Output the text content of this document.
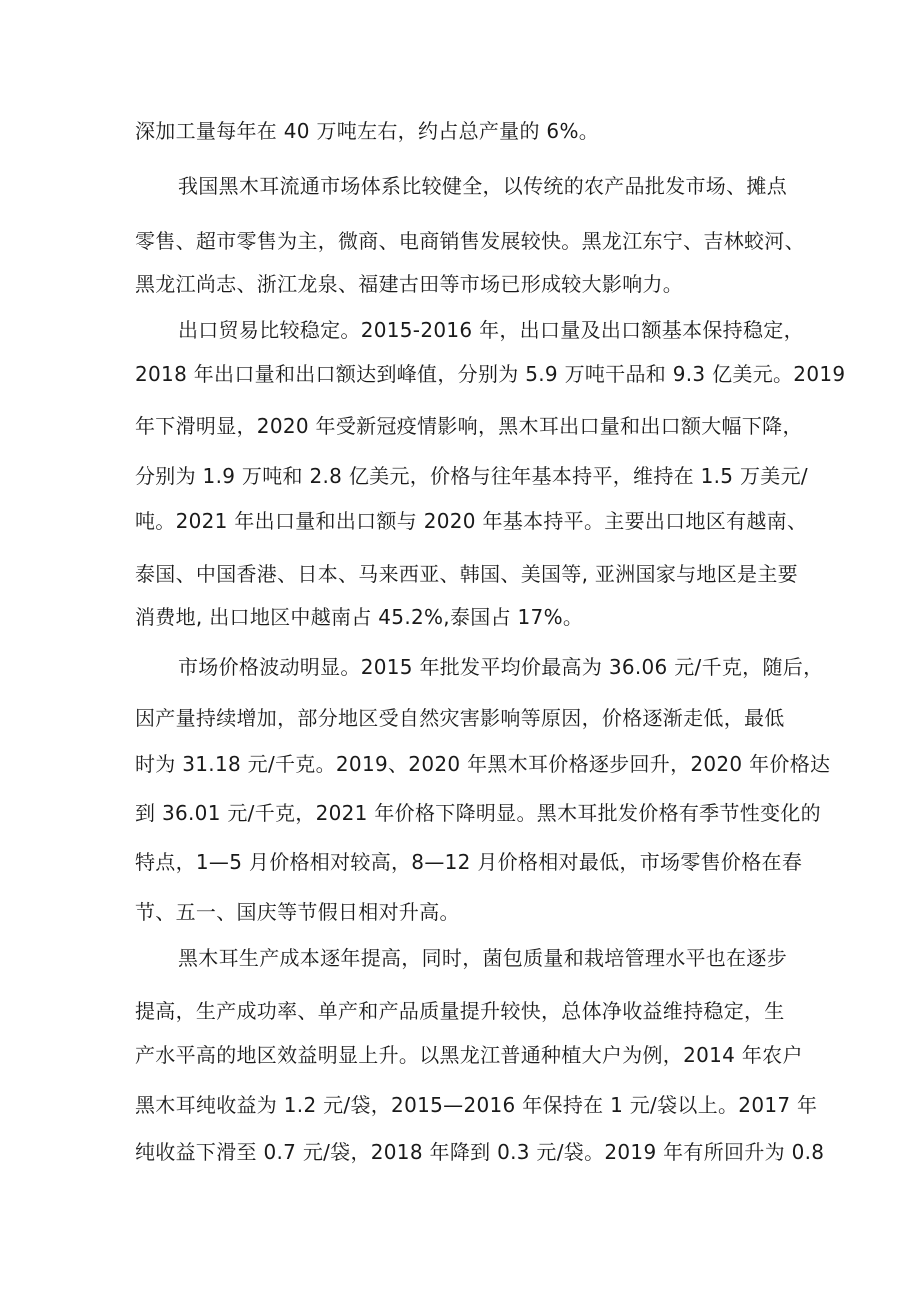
深加工量每年在 40 万吨左右，约占总产量的 6%。
我国黑木耳流通市场体系比较健全，以传统的农产品批发市场、摊点
零售、超市零售为主，微商、电商销售发展较快。黑龙江东宁、吉林蛟河、
黑龙江尚志、浙江龙泉、福建古田等市场已形成较大影响力。
出口贸易比较稳定。2015-2016 年，出口量及出口额基本保持稳定，
2018 年出口量和出口额达到峰值，分别为 5.9 万吨干品和 9.3 亿美元。2019
年下滑明显，2020 年受新冠疫情影响，黑木耳出口量和出口额大幅下降，
分别为 1.9 万吨和 2.8 亿美元，价格与往年基本持平，维持在 1.5 万美元/
吨。2021 年出口量和出口额与 2020 年基本持平。主要出口地区有越南、
泰国、中国香港、日本、马来西亚、韩国、美国等, 亚洲国家与地区是主要
消费地, 出口地区中越南占 45.2%,泰国占 17%。
市场价格波动明显。2015 年批发平均价最高为 36.06 元/千克，随后，
因产量持续增加，部分地区受自然灾害影响等原因，价格逐渐走低，最低
时为 31.18 元/千克。2019、2020 年黑木耳价格逐步回升，2020 年价格达
到 36.01 元/千克，2021 年价格下降明显。黑木耳批发价格有季节性变化的
特点，1—5 月价格相对较高，8—12 月价格相对最低，市场零售价格在春
节、五一、国庆等节假日相对升高。
黑木耳生产成本逐年提高，同时，菌包质量和栽培管理水平也在逐步
提高，生产成功率、单产和产品质量提升较快，总体净收益维持稳定，生
产水平高的地区效益明显上升。以黑龙江普通种植大户为例，2014 年农户
黑木耳纯收益为 1.2 元/袋，2015—2016 年保持在 1 元/袋以上。2017 年
纯收益下滑至 0.7 元/袋，2018 年降到 0.3 元/袋。2019 年有所回升为 0.8
